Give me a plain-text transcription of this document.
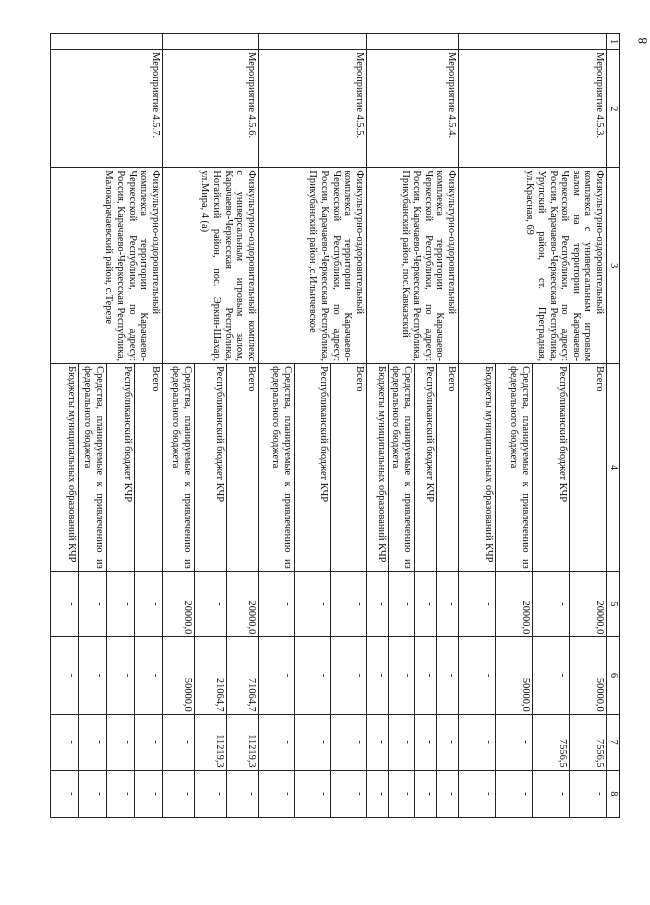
8
1	2	3	4	5	6	7	8
	Мероприятие 4.5.3.	Физкультурно-оздоровительный комплекса с универсальным игровым залом на территории Карачаево-Черкесской Республики, по адресу: Россия, Карачаево-Черкесская Республика, Урупский район, ст. Преградная, ул.Красная, 69	Всего	20000,0	50000,0	7556,5	-
			Республиканский бюджет КЧР	-	-	7556,5	-
			Средства, планируемые к привлечению из федерального бюджета	20000,0	50000,0	-	-
			Бюджеты муниципальных образований КЧР	-	-	-	-
	Мероприятие 4.5.4.	Физкультурно-оздоровительный комплекса территории Карачаево-Черкесской Республики, по адресу: Россия, Карачаево-Черкесская Республика, Прикубанский район, пос.Кавказский	Всего	-	-	-	-
			Республиканский бюджет КЧР	-	-	-	-
			Средства, планируемые к привлечению из федерального бюджета	-	-	-	-
			Бюджеты муниципальных образований КЧР	-	-	-	-
	Мероприятие 4.5.5.	Физкультурно-оздоровительный комплекса территории Карачаево-Черкесской Республики, по адресу: Россия, Карачаево-Черкесская Республика, Прикубанский район ,с.Ильичевское	Всего	-	-	-	-
			Республиканский бюджет КЧР	-	-	-	-
			Средства, планируемые к привлечению из федерального бюджета	-	-	-	-
	Мероприятие 4.5.6.	Физкультурно-оздоровительный комплекс с универсальным игровым залом, Карачаево-Черкесская Республика, Ногайский район, пос. Эркин-Шахар, ул.Мира, 4 (а)	Всего	20000,0	71064,7	11219,3	-
			Республиканский бюджет КЧР	-	21064,7	11219,3	-
			Средства, планируемые к привлечению из федерального бюджета	20000,0	50000,0	-	-
	Мероприятие 4.5.7.	Физкультурно-оздоровительный комплекса территории Карачаево-Черкесской Республики, по адресу: Россия, Карачаево-Черкесская Республика, Малокарачаевский район, с.Терезе	Всего	-	-	-	-
			Республиканский бюджет КЧР	-	-	-	-
			Средства, планируемые к привлечению из федерального бюджета	-	-	-	-
			Бюджеты муниципальных образований КЧР	-	-	-	-
